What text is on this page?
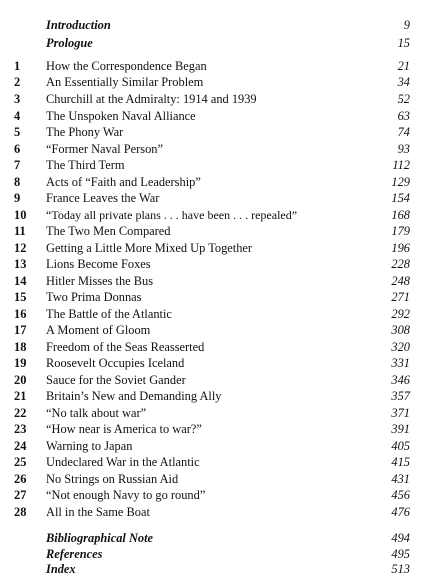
Introduction	9
Prologue	15
1	How the Correspondence Began	21
2	An Essentially Similar Problem	34
3	Churchill at the Admiralty: 1914 and 1939	52
4	The Unspoken Naval Alliance	63
5	The Phony War	74
6	“Former Naval Person”	93
7	The Third Term	112
8	Acts of “Faith and Leadership”	129
9	France Leaves the War	154
10	“Today all private plans . . . have been . . . repealed”	168
11	The Two Men Compared	179
12 Getting a Little More Mixed Up Together	196
13 Lions Become Foxes	228
14 Hitler Misses the Bus	248
15 Two Prima Donnas	271
16 The Battle of the Atlantic	292
17 A Moment of Gloom	308
18 Freedom of the Seas Reasserted	320
19 Roosevelt Occupies Iceland	331
20 Sauce for the Soviet Gander	346
21 Britain’s New and Demanding Ally	357
22 “No talk about war”	371
23 “How near is America to war?”	391
24 Warning to Japan	405
25 Undeclared War in the Atlantic	415
26 No Strings on Russian Aid	431
27 “Not enough Navy to go round”	456
28 All in the Same Boat	476
Bibliographical Note	494
References	495
Index	513
